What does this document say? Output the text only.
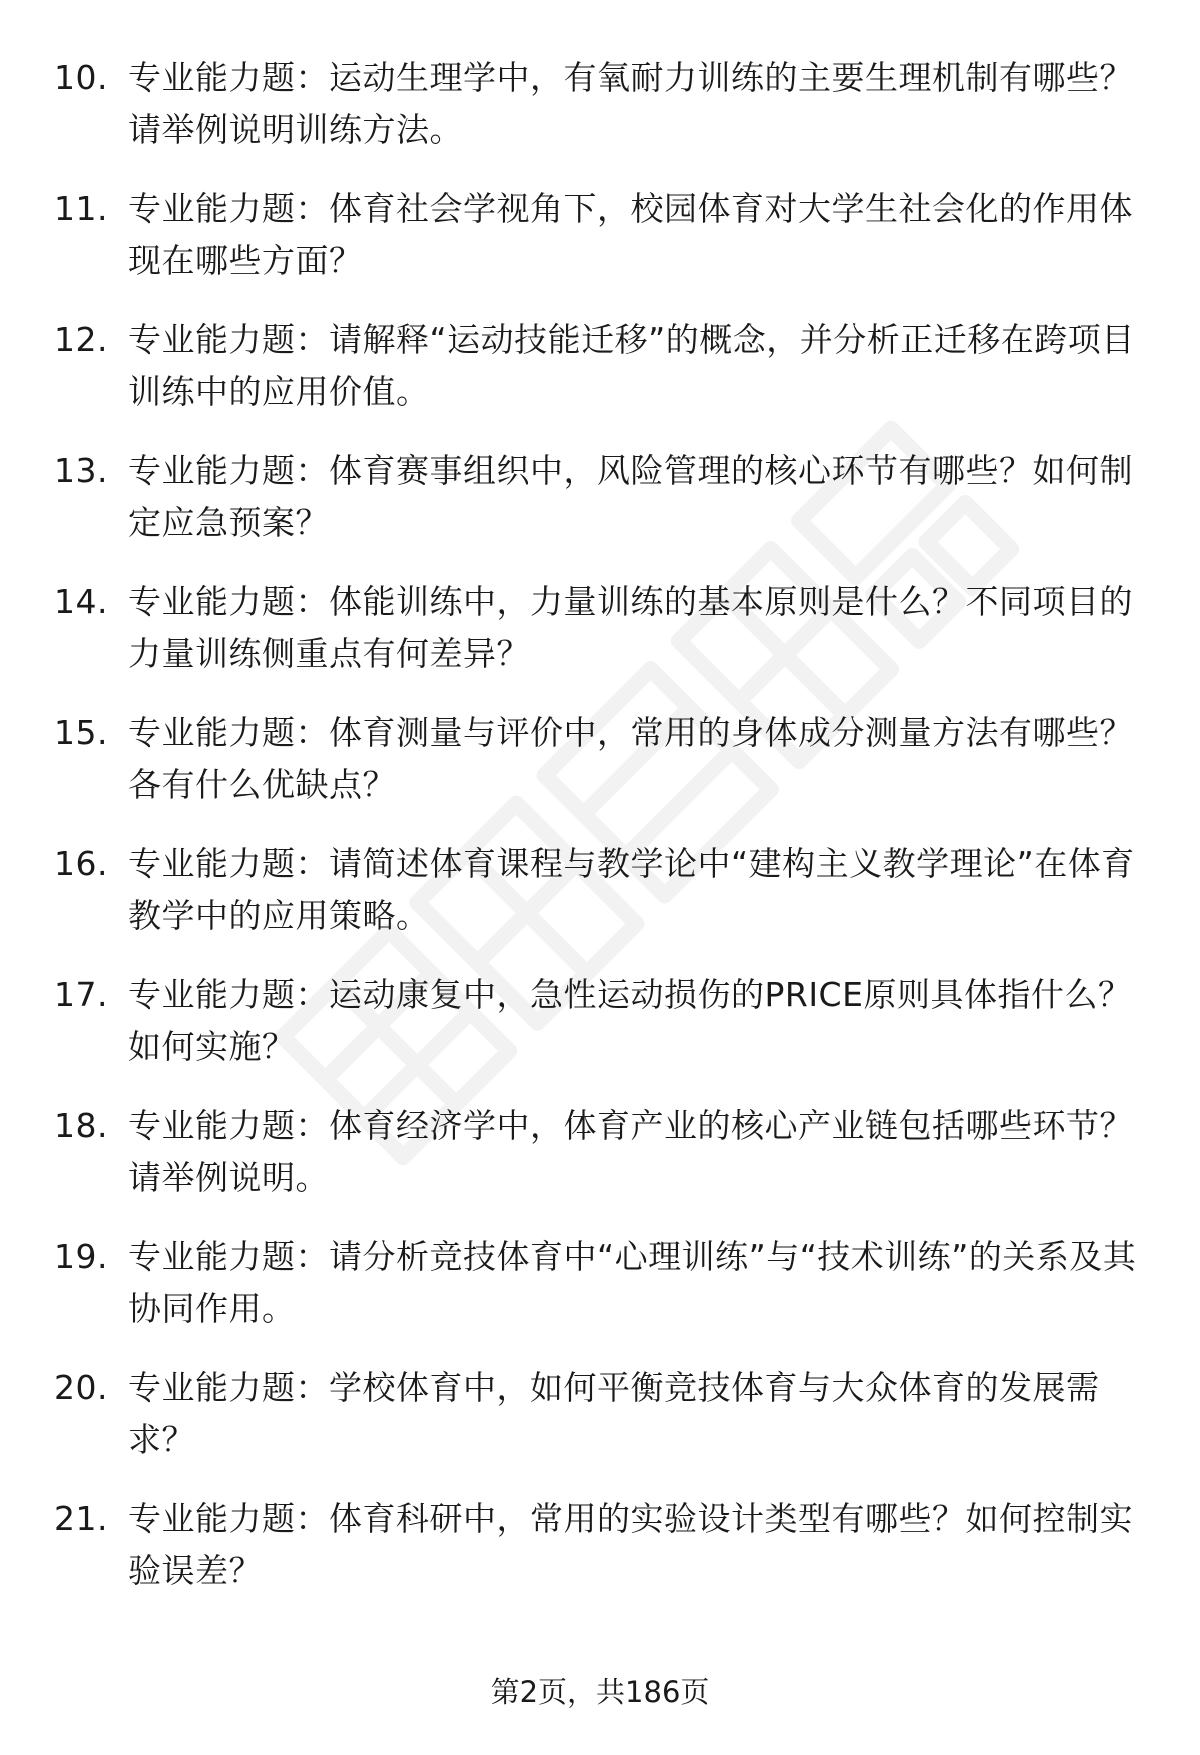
10. 专业能力题：运动生理学中，有氧耐力训练的主要生理机制有哪些？请举例说明训练方法。
11. 专业能力题：体育社会学视角下，校园体育对大学生社会化的作用体现在哪些方面？
12. 专业能力题：请解释“运动技能迁移”的概念，并分析正迁移在跨项目训练中的应用价值。
13. 专业能力题：体育赛事组织中，风险管理的核心环节有哪些？如何制定应急预案？
14. 专业能力题：体能训练中，力量训练的基本原则是什么？不同项目的力量训练侧重点有何差异？
15. 专业能力题：体育测量与评价中，常用的身体成分测量方法有哪些？各有什么优缺点？
16. 专业能力题：请简述体育课程与教学论中“建构主义教学理论”在体育教学中的应用策略。
17. 专业能力题：运动康复中，急性运动损伤的PRICE原则具体指什么？如何实施？
18. 专业能力题：体育经济学中，体育产业的核心产业链包括哪些环节？请举例说明。
19. 专业能力题：请分析竞技体育中“心理训练”与“技术训练”的关系及其协同作用。
20. 专业能力题：学校体育中，如何平衡竞技体育与大众体育的发展需求？
21. 专业能力题：体育科研中，常用的实验设计类型有哪些？如何控制实验误差？
第2页，共186页
